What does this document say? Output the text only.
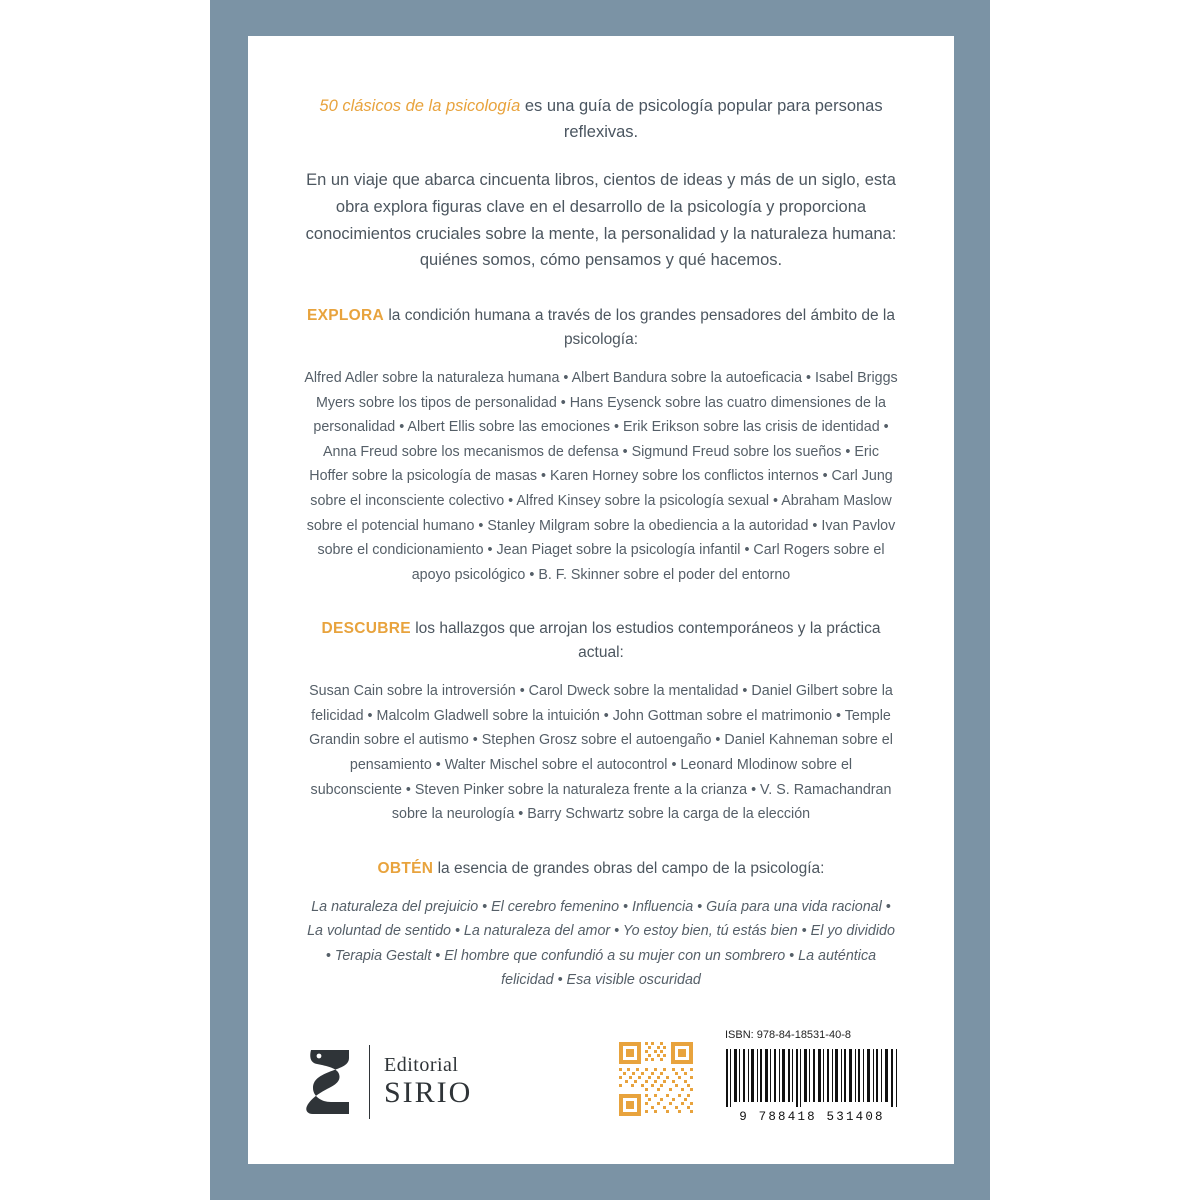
50 clásicos de la psicología es una guía de psicología popular para personas reflexivas.

En un viaje que abarca cincuenta libros, cientos de ideas y más de un siglo, esta obra explora figuras clave en el desarrollo de la psicología y proporciona conocimientos cruciales sobre la mente, la personalidad y la naturaleza humana: quiénes somos, cómo pensamos y qué hacemos.

EXPLORA la condición humana a través de los grandes pensadores del ámbito de la psicología:

Alfred Adler sobre la naturaleza humana • Albert Bandura sobre la autoeficacia • Isabel Briggs Myers sobre los tipos de personalidad • Hans Eysenck sobre las cuatro dimensiones de la personalidad • Albert Ellis sobre las emociones • Erik Erikson sobre las crisis de identidad • Anna Freud sobre los mecanismos de defensa • Sigmund Freud sobre los sueños • Eric Hoffer sobre la psicología de masas • Karen Horney sobre los conflictos internos • Carl Jung sobre el inconsciente colectivo • Alfred Kinsey sobre la psicología sexual • Abraham Maslow sobre el potencial humano • Stanley Milgram sobre la obediencia a la autoridad • Ivan Pavlov sobre el condicionamiento • Jean Piaget sobre la psicología infantil • Carl Rogers sobre el apoyo psicológico • B. F. Skinner sobre el poder del entorno

DESCUBRE los hallazgos que arrojan los estudios contemporáneos y la práctica actual:

Susan Cain sobre la introversión • Carol Dweck sobre la mentalidad • Daniel Gilbert sobre la felicidad • Malcolm Gladwell sobre la intuición • John Gottman sobre el matrimonio • Temple Grandin sobre el autismo • Stephen Grosz sobre el autoengaño • Daniel Kahneman sobre el pensamiento • Walter Mischel sobre el autocontrol • Leonard Mlodinow sobre el subconsciente • Steven Pinker sobre la naturaleza frente a la crianza • V. S. Ramachandran sobre la neurología • Barry Schwartz sobre la carga de la elección

OBTÉN la esencia de grandes obras del campo de la psicología:

La naturaleza del prejuicio • El cerebro femenino • Influencia • Guía para una vida racional • La voluntad de sentido • La naturaleza del amor • Yo estoy bien, tú estás bien • El yo dividido • Terapia Gestalt • El hombre que confundió a su mujer con un sombrero • La auténtica felicidad • Esa visible oscuridad

Editorial
SIRIO
ISBN: 978-84-18531-40-8
9 788418 531408
